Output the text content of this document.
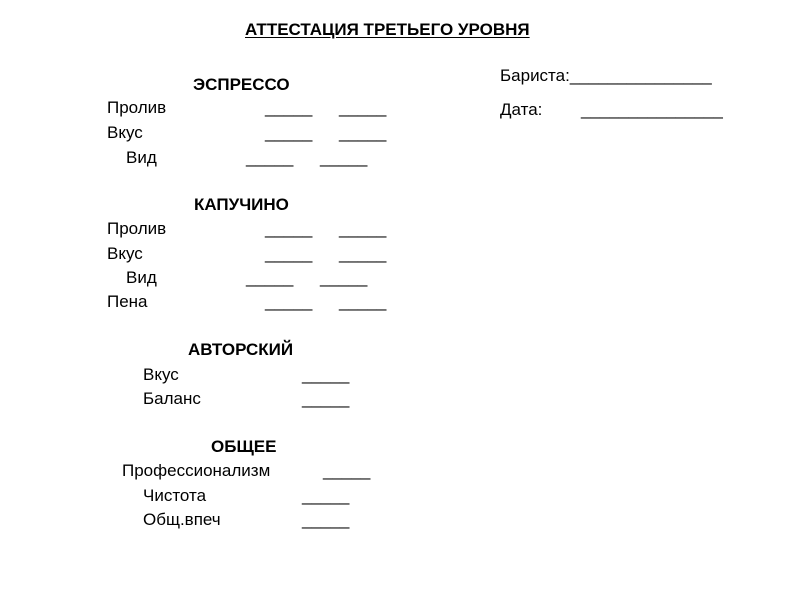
АТТЕСТАЦИЯ ТРЕТЬЕГО УРОВНЯ
Бариста:_______________
Дата: _______________
ЭСПРЕССО
Пролив	_____ _____
Вкус	_____ _____
Вид	_____ _____
КАПУЧИНО
Пролив	_____ _____
Вкус	_____ _____
Вид	_____ _____
Пена	_____ _____
АВТОРСКИЙ
Вкус	_____
Баланс	_____
ОБЩЕЕ
Профессионализм	_____
Чистота	_____
Общ.впеч	_____
